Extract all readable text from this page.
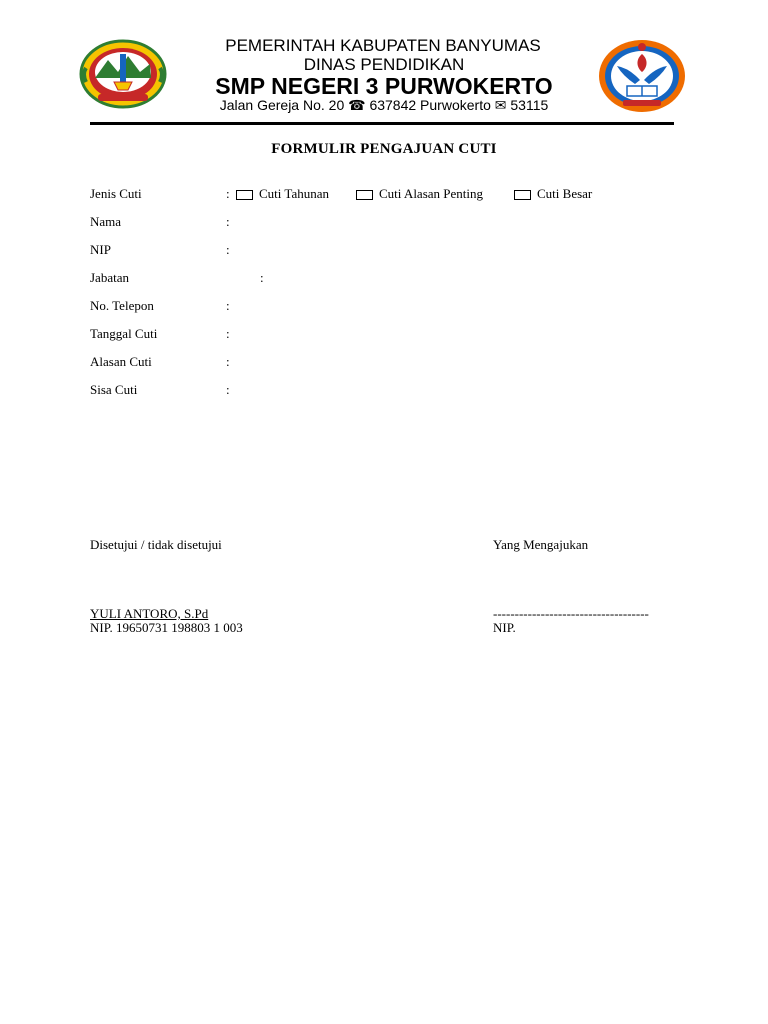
PEMERINTAH KABUPATEN BANYUMAS
DINAS PENDIDIKAN
SMP NEGERI 3 PURWOKERTO
Jalan Gereja No. 20 ☎ 637842 Purwokerto ✉ 53115
FORMULIR PENGAJUAN CUTI
Jenis Cuti	: Cuti Tahunan	Cuti Alasan Penting	Cuti Besar
Nama	:
NIP	:
Jabatan	:
No. Telepon	:
Tanggal Cuti	:
Alasan Cuti	:
Sisa Cuti	:
Disetujui / tidak disetujui
YULI ANTORO, S.Pd
NIP. 19650731 198803 1 003
Yang Mengajukan
------------------------------------
NIP.
